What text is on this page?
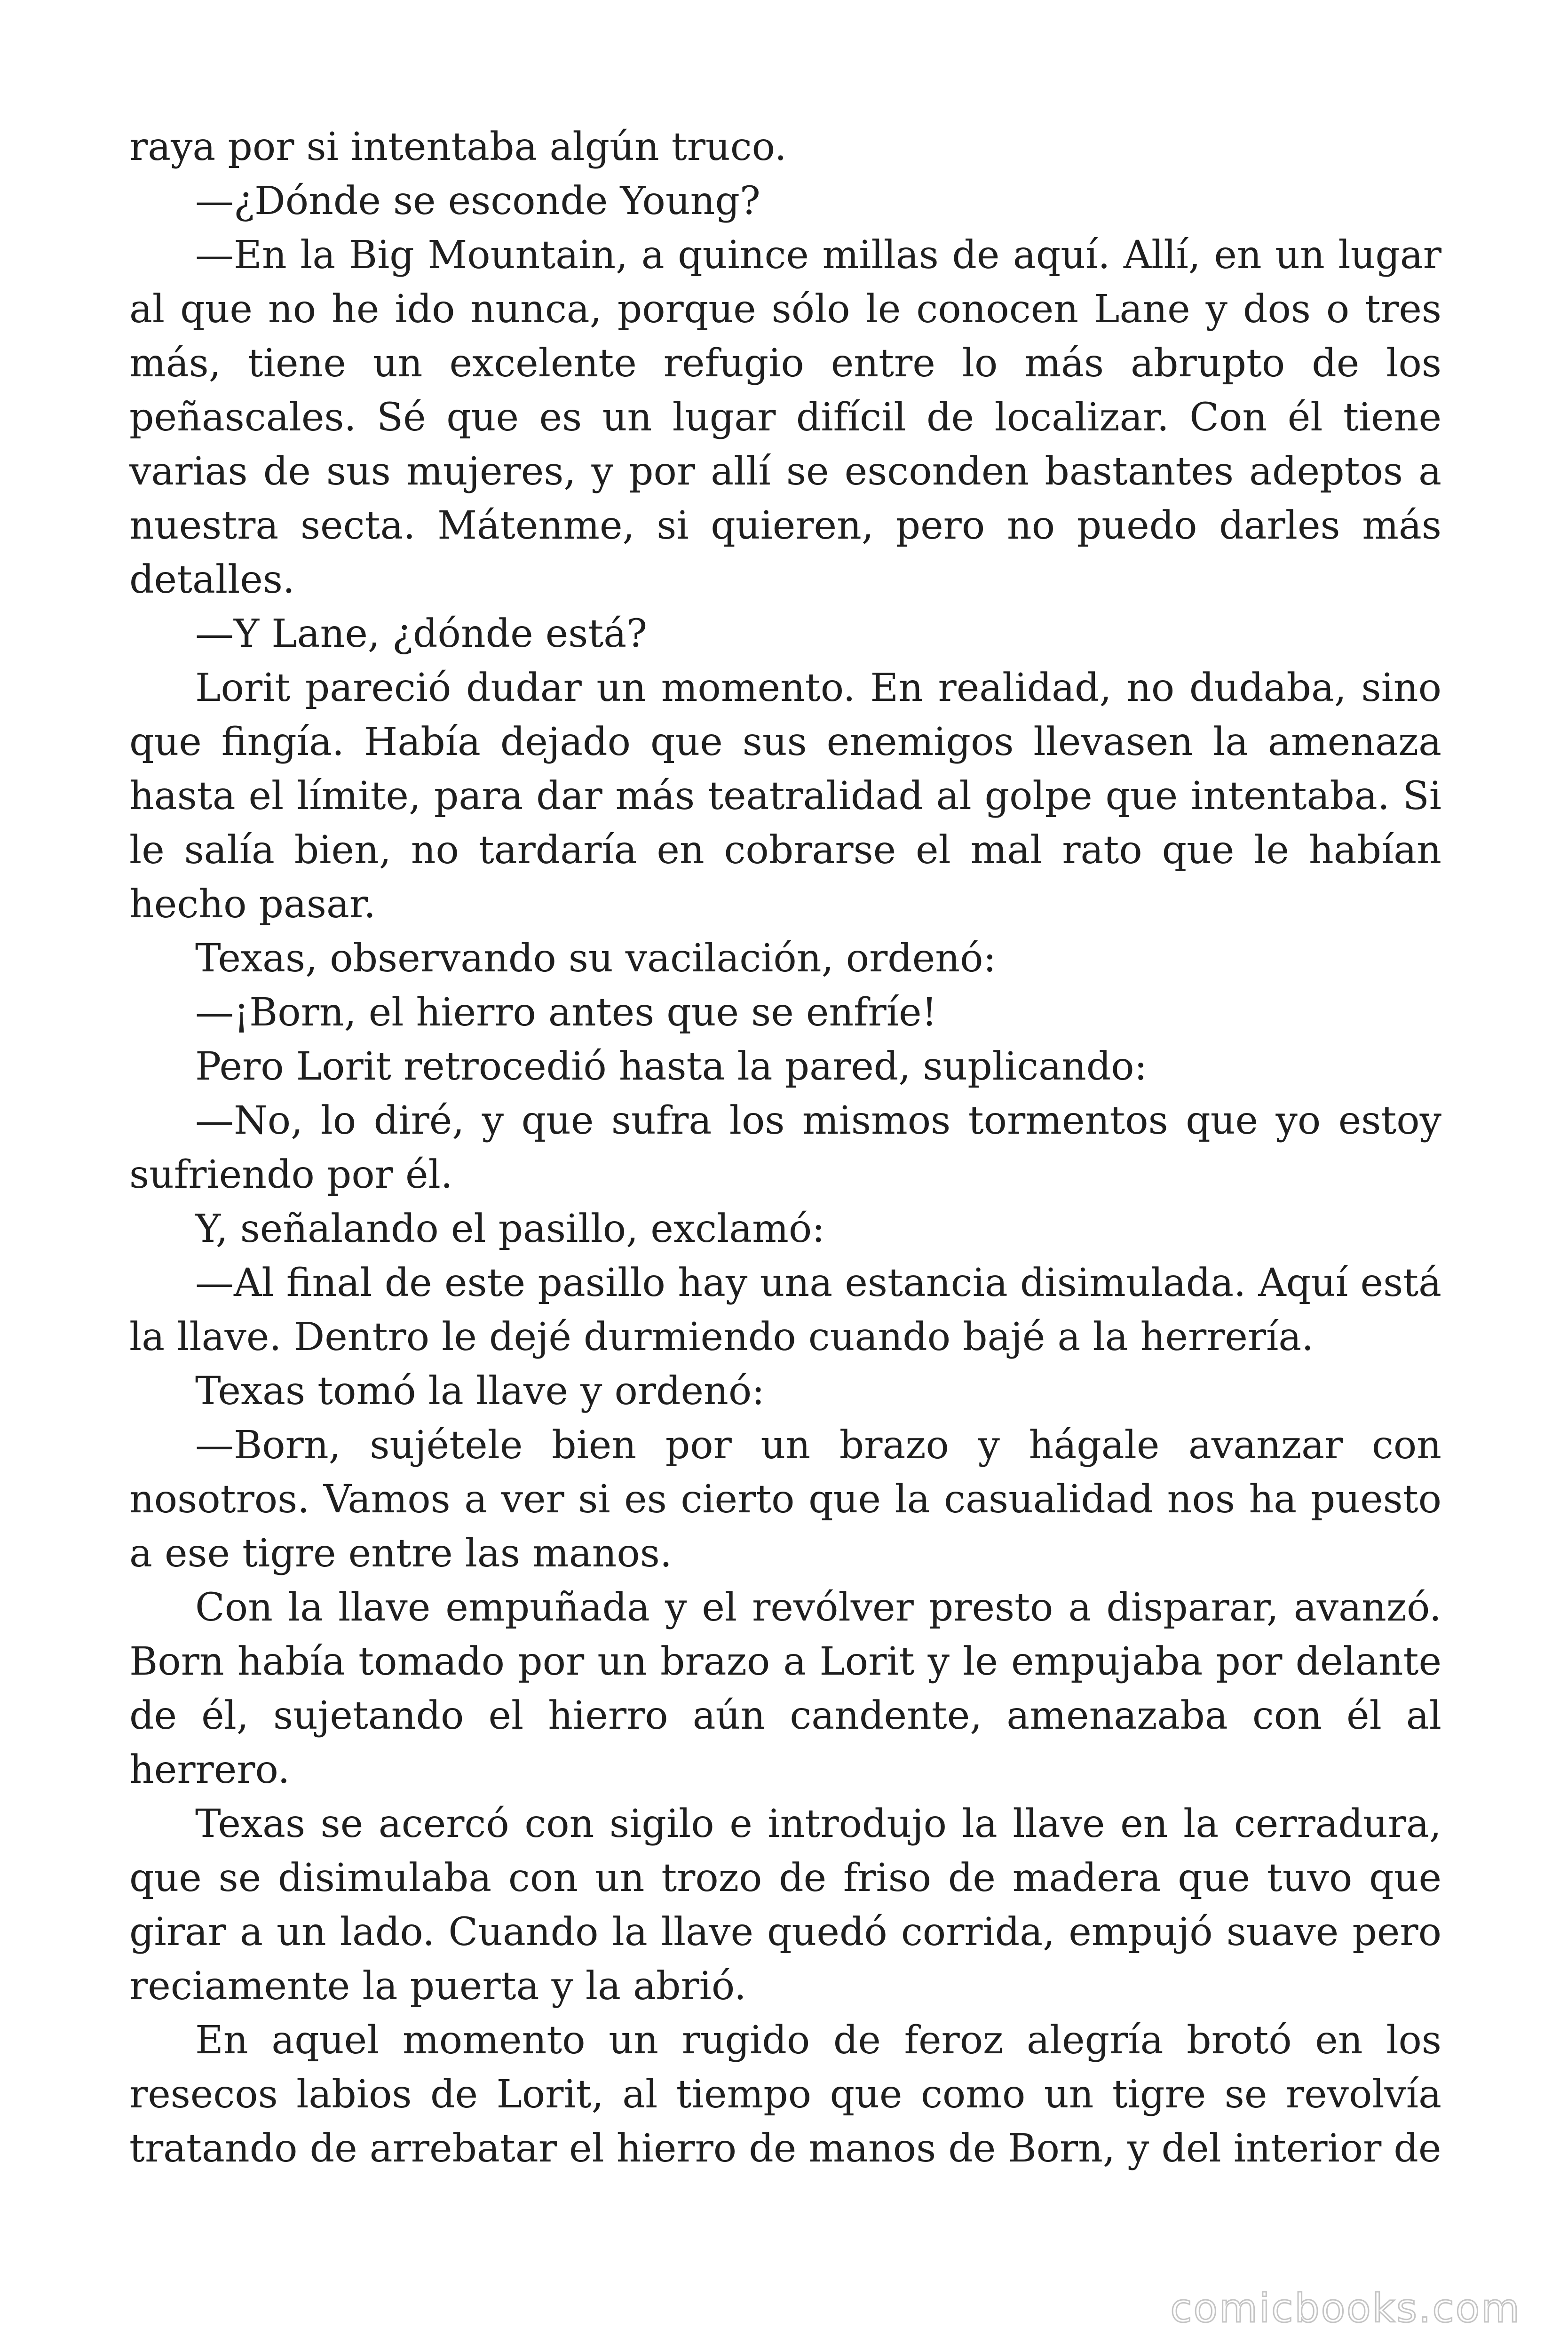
raya por si intentaba algún truco.

—¿Dónde se esconde Young?

—En la Big Mountain, a quince millas de aquí. Allí, en un lugar al que no he ido nunca, porque sólo le conocen Lane y dos o tres más, tiene un excelente refugio entre lo más abrupto de los peñascales. Sé que es un lugar difícil de localizar. Con él tiene varias de sus mujeres, y por allí se esconden bastantes adeptos a nuestra secta. Mátenme, si quieren, pero no puedo darles más detalles.

—Y Lane, ¿dónde está?

Lorit pareció dudar un momento. En realidad, no dudaba, sino que fingía. Había dejado que sus enemigos llevasen la amenaza hasta el límite, para dar más teatralidad al golpe que intentaba. Si le salía bien, no tardaría en cobrarse el mal rato que le habían hecho pasar.

Texas, observando su vacilación, ordenó:

—¡Born, el hierro antes que se enfríe!

Pero Lorit retrocedió hasta la pared, suplicando:

—No, lo diré, y que sufra los mismos tormentos que yo estoy sufriendo por él.

Y, señalando el pasillo, exclamó:

—Al final de este pasillo hay una estancia disimulada. Aquí está la llave. Dentro le dejé durmiendo cuando bajé a la herrería.

Texas tomó la llave y ordenó:

—Born, sujétele bien por un brazo y hágale avanzar con nosotros. Vamos a ver si es cierto que la casualidad nos ha puesto a ese tigre entre las manos.

Con la llave empuñada y el revólver presto a disparar, avanzó. Born había tomado por un brazo a Lorit y le empujaba por delante de él, sujetando el hierro aún candente, amenazaba con él al herrero.

Texas se acercó con sigilo e introdujo la llave en la cerradura, que se disimulaba con un trozo de friso de madera que tuvo que girar a un lado. Cuando la llave quedó corrida, empujó suave pero reciamente la puerta y la abrió.

En aquel momento un rugido de feroz alegría brotó en los resecos labios de Lorit, al tiempo que como un tigre se revolvía tratando de arrebatar el hierro de manos de Born, y del interior de

comicbooks.com
